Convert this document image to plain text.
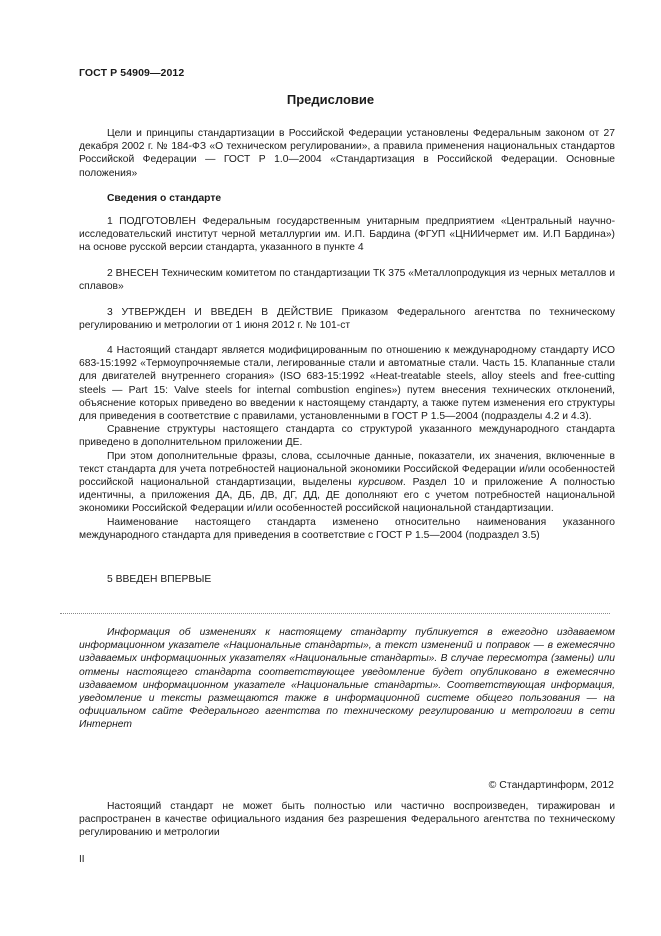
ГОСТ Р 54909—2012
Предисловие

Цели и принципы стандартизации в Российской Федерации установлены Федеральным законом от 27 декабря 2002 г. № 184-ФЗ «О техническом регулировании», а правила применения национальных стандартов Российской Федерации — ГОСТ Р 1.0—2004 «Стандартизация в Российской Федерации. Основные положения»

Сведения о стандарте

1 ПОДГОТОВЛЕН Федеральным государственным унитарным предприятием «Центральный научно-исследовательский институт черной металлургии им. И.П. Бардина (ФГУП «ЦНИИчермет им. И.П Бардина») на основе русской версии стандарта, указанного в пункте 4

2 ВНЕСЕН Техническим комитетом по стандартизации ТК 375 «Металлопродукция из черных металлов и сплавов»

3 УТВЕРЖДЕН И ВВЕДЕН В ДЕЙСТВИЕ Приказом Федерального агентства по техническому регулированию и метрологии от 1 июня 2012 г. № 101-ст

4 Настоящий стандарт является модифицированным по отношению к международному стандарту ИСО 683-15:1992 «Термоупрочняемые стали, легированные стали и автоматные стали. Часть 15. Клапанные стали для двигателей внутреннего сгорания» (ISO 683-15:1992 «Heat-treatable steels, alloy steels and free-cutting steels — Part 15: Valve steels for internal combustion engines») путем внесения технических отклонений, объяснение которых приведено во введении к настоящему стандарту, а также путем изменения его структуры для приведения в соответствие с правилами, установленными в ГОСТ Р 1.5—2004 (подразделы 4.2 и 4.3).

Сравнение структуры настоящего стандарта со структурой указанного международного стандарта приведено в дополнительном приложении ДЕ.

При этом дополнительные фразы, слова, ссылочные данные, показатели, их значения, включенные в текст стандарта для учета потребностей национальной экономики Российской Федерации и/или особенностей российской национальной стандартизации, выделены курсивом. Раздел 10 и приложение А полностью идентичны, а приложения ДА, ДБ, ДВ, ДГ, ДД, ДЕ дополняют его с учетом потребностей национальной экономики Российской Федерации и/или особенностей российской национальной стандартизации.

Наименование настоящего стандарта изменено относительно наименования указанного международного стандарта для приведения в соответствие с ГОСТ Р 1.5—2004 (подраздел 3.5)

5 ВВЕДЕН ВПЕРВЫЕ

Информация об изменениях к настоящему стандарту публикуется в ежегодно издаваемом информационном указателе «Национальные стандарты», а текст изменений и поправок — в ежемесячно издаваемых информационных указателях «Национальные стандарты». В случае пересмотра (замены) или отмены настоящего стандарта соответствующее уведомление будет опубликовано в ежемесячно издаваемом информационном указателе «Национальные стандарты». Соответствующая информация, уведомление и тексты размещаются также в информационной системе общего пользования — на официальном сайте Федерального агентства по техническому регулированию и метрологии в сети Интернет

© Стандартинформ, 2012

Настоящий стандарт не может быть полностью или частично воспроизведен, тиражирован и распространен в качестве официального издания без разрешения Федерального агентства по техническому регулированию и метрологии

II
